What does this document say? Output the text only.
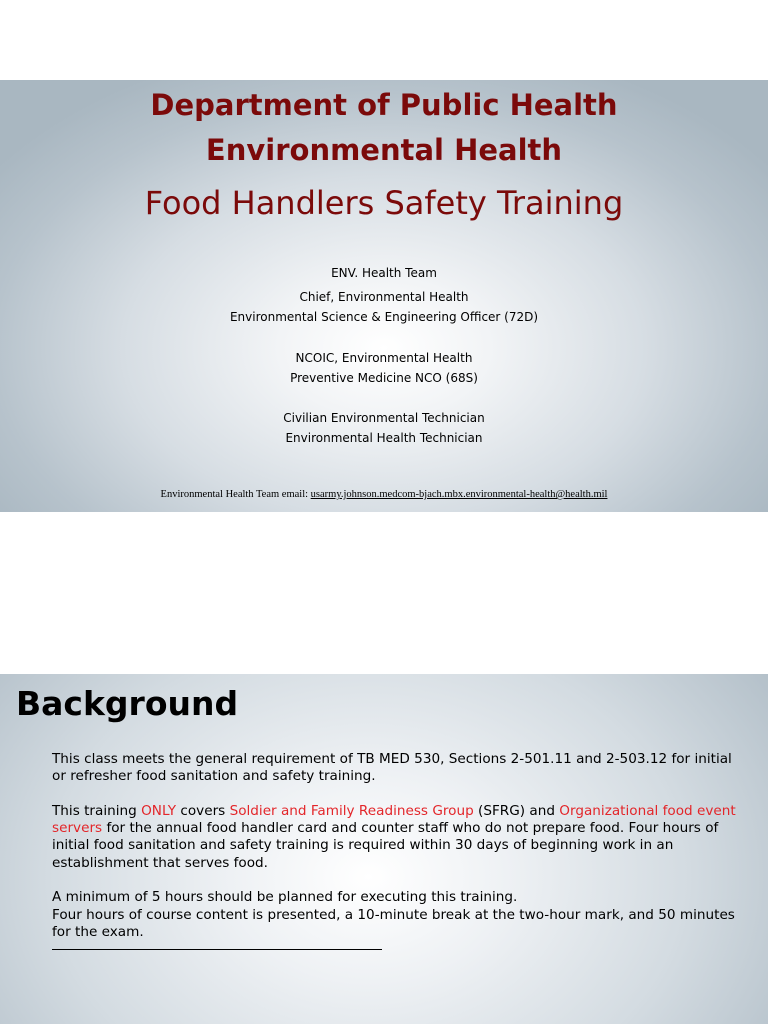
Department of Public Health
Environmental Health
Food Handlers Safety Training
ENV. Health Team
Chief, Environmental Health
Environmental Science & Engineering Officer (72D)
NCOIC, Environmental Health
Preventive Medicine NCO (68S)
Civilian Environmental Technician
Environmental Health Technician
Environmental Health Team email: usarmy.johnson.medcom-bjach.mbx.environmental-health@health.mil
Background

This class meets the general requirement of TB MED 530, Sections 2-501.11 and 2-503.12 for initial or refresher food sanitation and safety training.

This training ONLY covers Soldier and Family Readiness Group (SFRG) and Organizational food event servers for the annual food handler card and counter staff who do not prepare food. Four hours of initial food sanitation and safety training is required within 30 days of beginning work in an establishment that serves food.

A minimum of 5 hours should be planned for executing this training.
Four hours of course content is presented, a 10-minute break at the two-hour mark, and 50 minutes for the exam.
